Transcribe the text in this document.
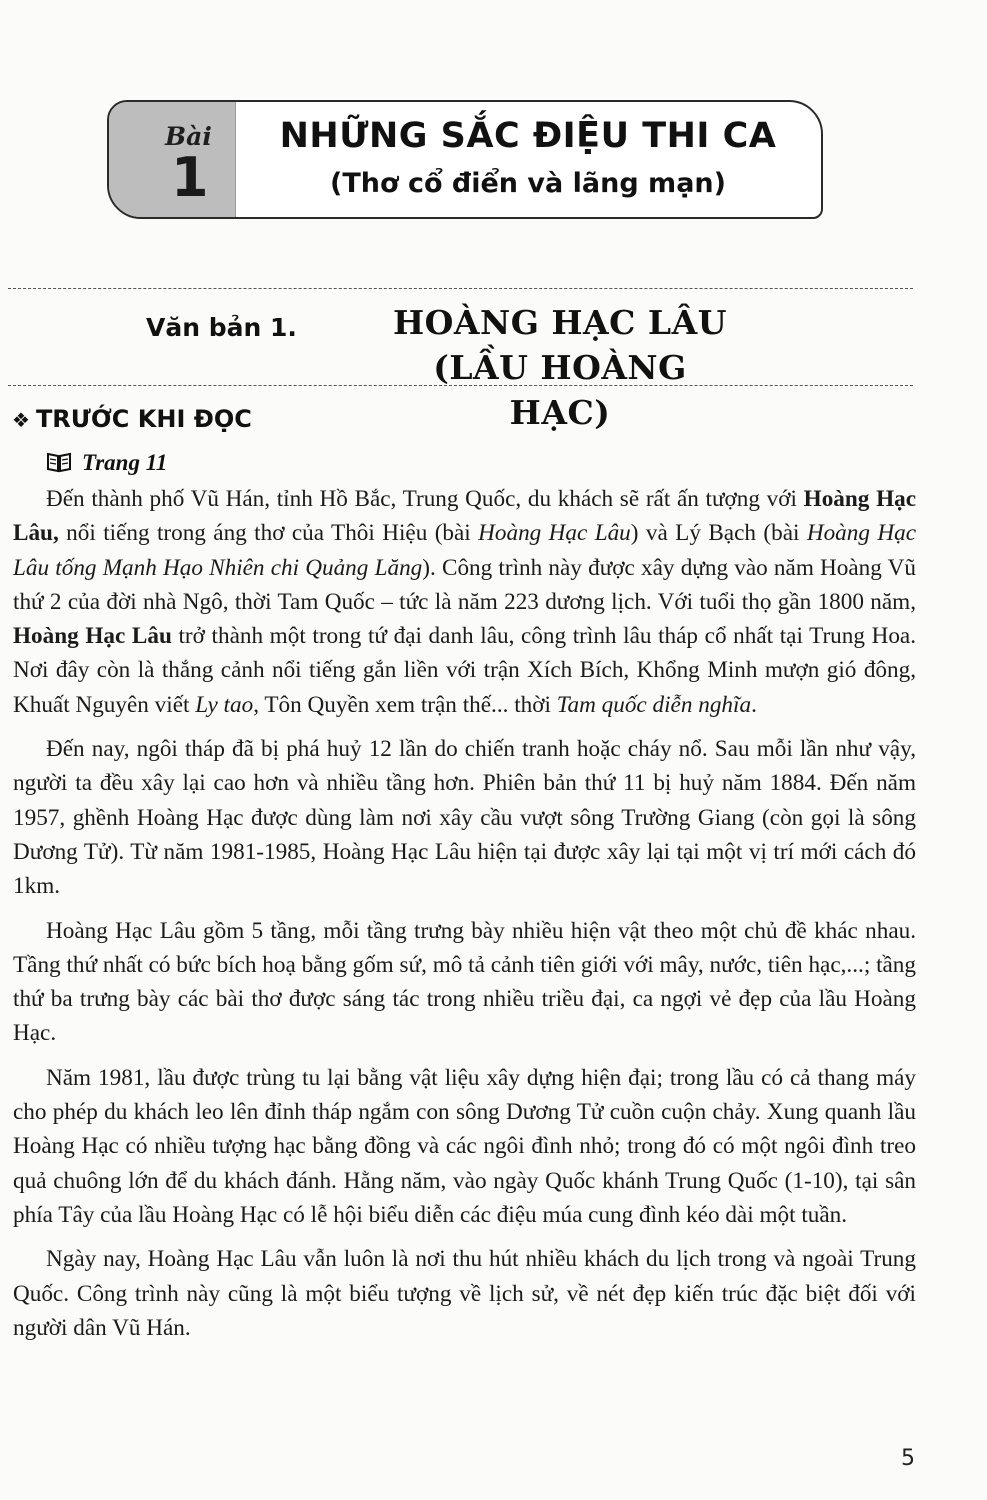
Bài
1
NHỮNG SẮC ĐIỆU THI CA
(Thơ cổ điển và lãng mạn)
Văn bản 1.	HOÀNG HẠC LÂU
(LẦU HOÀNG HẠC)
❖ TRƯỚC KHI ĐỌC
Trang 11

Đến thành phố Vũ Hán, tỉnh Hồ Bắc, Trung Quốc, du khách sẽ rất ấn tượng với Hoàng Hạc Lâu, nổi tiếng trong áng thơ của Thôi Hiệu (bài Hoàng Hạc Lâu) và Lý Bạch (bài Hoàng Hạc Lâu tống Mạnh Hạo Nhiên chi Quảng Lăng). Công trình này được xây dựng vào năm Hoàng Vũ thứ 2 của đời nhà Ngô, thời Tam Quốc – tức là năm 223 dương lịch. Với tuổi thọ gần 1800 năm, Hoàng Hạc Lâu trở thành một trong tứ đại danh lâu, công trình lâu tháp cổ nhất tại Trung Hoa. Nơi đây còn là thắng cảnh nổi tiếng gắn liền với trận Xích Bích, Khổng Minh mượn gió đông, Khuất Nguyên viết Ly tao, Tôn Quyền xem trận thế... thời Tam quốc diễn nghĩa.

Đến nay, ngôi tháp đã bị phá huỷ 12 lần do chiến tranh hoặc cháy nổ. Sau mỗi lần như vậy, người ta đều xây lại cao hơn và nhiều tầng hơn. Phiên bản thứ 11 bị huỷ năm 1884. Đến năm 1957, ghềnh Hoàng Hạc được dùng làm nơi xây cầu vượt sông Trường Giang (còn gọi là sông Dương Tử). Từ năm 1981-1985, Hoàng Hạc Lâu hiện tại được xây lại tại một vị trí mới cách đó 1km.

Hoàng Hạc Lâu gồm 5 tầng, mỗi tầng trưng bày nhiều hiện vật theo một chủ đề khác nhau. Tầng thứ nhất có bức bích hoạ bằng gốm sứ, mô tả cảnh tiên giới với mây, nước, tiên hạc,...; tầng thứ ba trưng bày các bài thơ được sáng tác trong nhiều triều đại, ca ngợi vẻ đẹp của lầu Hoàng Hạc.

Năm 1981, lầu được trùng tu lại bằng vật liệu xây dựng hiện đại; trong lầu có cả thang máy cho phép du khách leo lên đỉnh tháp ngắm con sông Dương Tử cuồn cuộn chảy. Xung quanh lầu Hoàng Hạc có nhiều tượng hạc bằng đồng và các ngôi đình nhỏ; trong đó có một ngôi đình treo quả chuông lớn để du khách đánh. Hằng năm, vào ngày Quốc khánh Trung Quốc (1-10), tại sân phía Tây của lầu Hoàng Hạc có lễ hội biểu diễn các điệu múa cung đình kéo dài một tuần.

Ngày nay, Hoàng Hạc Lâu vẫn luôn là nơi thu hút nhiều khách du lịch trong và ngoài Trung Quốc. Công trình này cũng là một biểu tượng về lịch sử, về nét đẹp kiến trúc đặc biệt đối với người dân Vũ Hán.

5
